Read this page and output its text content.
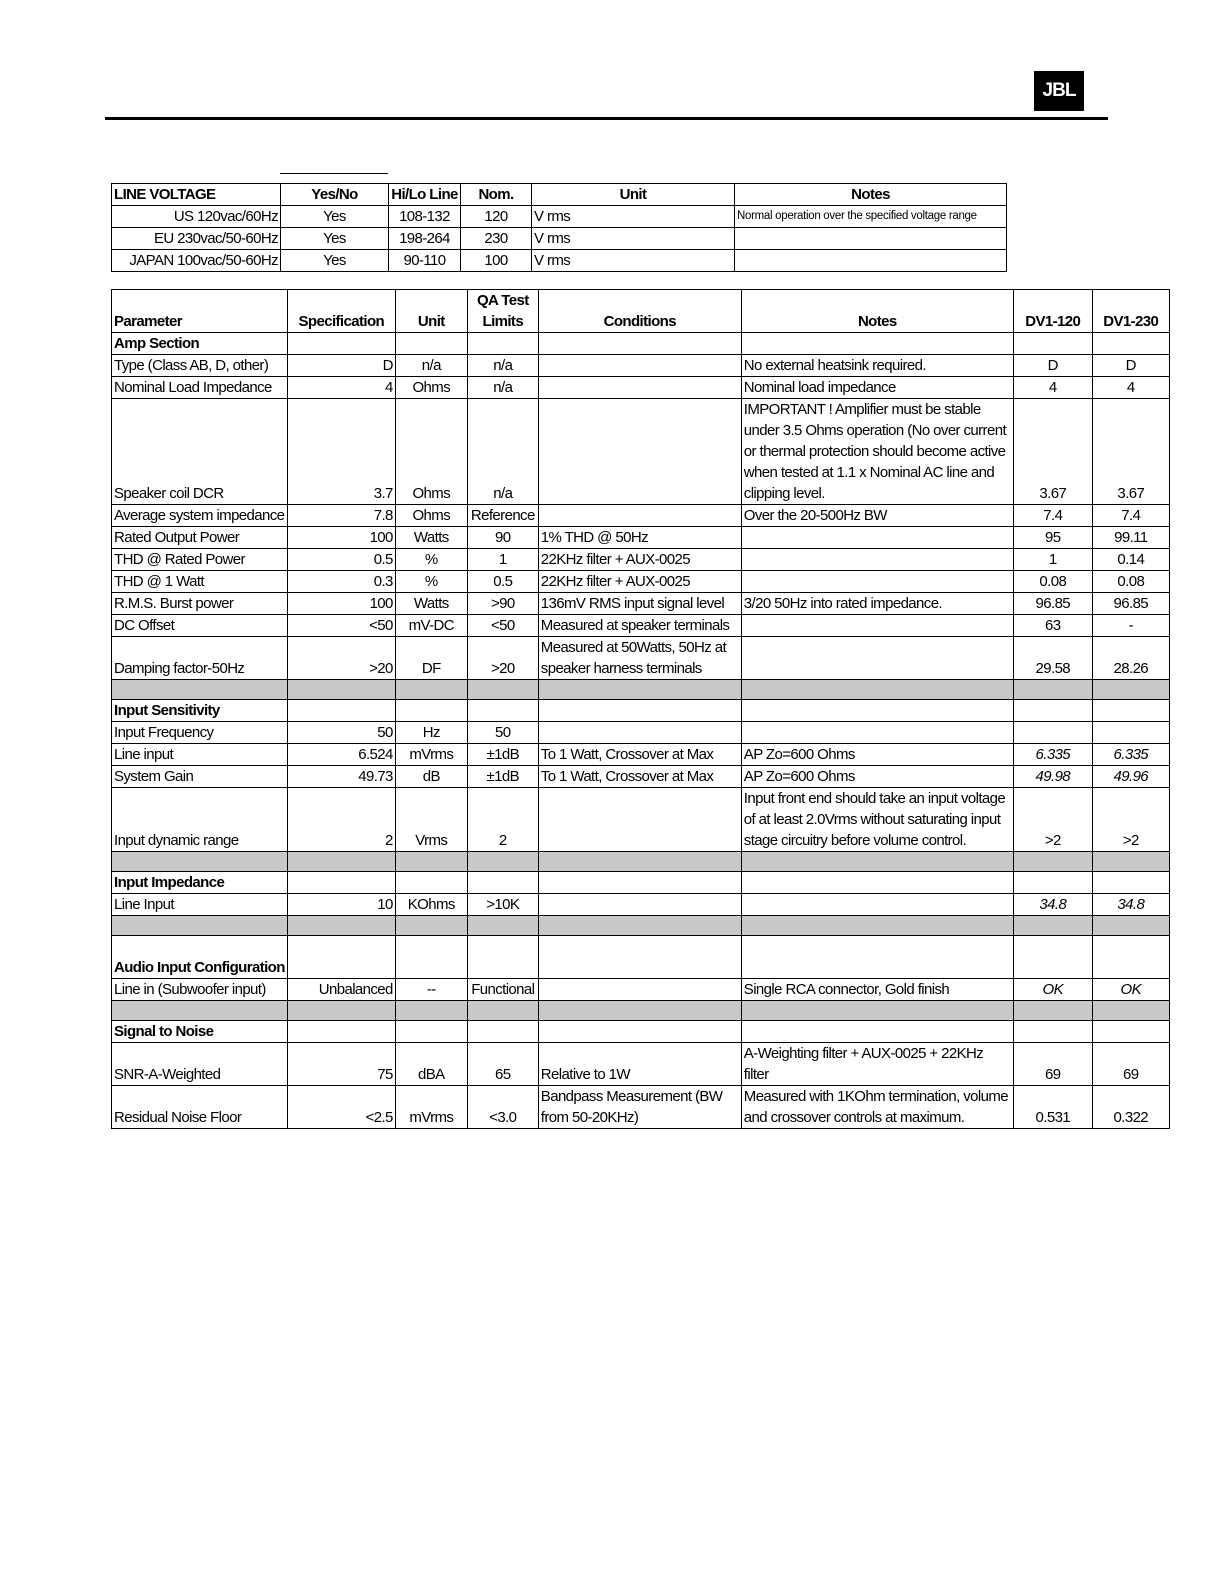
JBL
LINE VOLTAGE	Yes/No	Hi/Lo Line	Nom.	Unit	Notes
US 120vac/60Hz	Yes	108-132	120	V rms	Normal operation over the specified voltage range
EU 230vac/50-60Hz	Yes	198-264	230	V rms	
JAPAN 100vac/50-60Hz	Yes	90-110	100	V rms	
Parameter	Specification	Unit	QA Test Limits	Conditions	Notes	DV1-120	DV1-230
Amp Section							
Type (Class AB, D, other)	D	n/a	n/a		No external heatsink required.	D	D
Nominal Load Impedance	4	Ohms	n/a		Nominal load impedance	4	4
Speaker coil DCR	3.7	Ohms	n/a		IMPORTANT ! Amplifier must be stable under 3.5 Ohms operation (No over current or thermal protection should become active when tested at 1.1 x Nominal AC line and clipping level.	3.67	3.67
Average system impedance	7.8	Ohms	Reference		Over the 20-500Hz BW	7.4	7.4
Rated Output Power	100	Watts	90	1% THD @ 50Hz		95	99.11
THD @ Rated Power	0.5	%	1	22KHz filter + AUX-0025		1	0.14
THD @ 1 Watt	0.3	%	0.5	22KHz filter + AUX-0025		0.08	0.08
R.M.S. Burst power	100	Watts	>90	136mV RMS input signal level	3/20 50Hz into rated impedance.	96.85	96.85
DC Offset	<50	mV-DC	<50	Measured at speaker terminals		63	-
Damping factor-50Hz	>20	DF	>20	Measured at 50Watts, 50Hz at speaker harness terminals		29.58	28.26

Input Sensitivity							
Input Frequency	50	Hz	50				
Line input	6.524	mVrms	±1dB	To 1 Watt, Crossover at Max	AP Zo=600 Ohms	6.335	6.335
System Gain	49.73	dB	±1dB	To 1 Watt, Crossover at Max	AP Zo=600 Ohms	49.98	49.96
Input dynamic range	2	Vrms	2		Input front end should take an input voltage of at least 2.0Vrms without saturating input stage circuitry before volume control.	>2	>2

Input Impedance							
Line Input	10	KOhms	>10K			34.8	34.8

Audio Input Configuration							
Line in (Subwoofer input)	Unbalanced	--	Functional		Single RCA connector, Gold finish	OK	OK

Signal to Noise							
SNR-A-Weighted	75	dBA	65	Relative to 1W	A-Weighting filter + AUX-0025 + 22KHz filter	69	69
Residual Noise Floor	<2.5	mVrms	<3.0	Bandpass Measurement (BW from 50-20KHz)	Measured with 1KOhm termination, volume and crossover controls at maximum.	0.531	0.322
